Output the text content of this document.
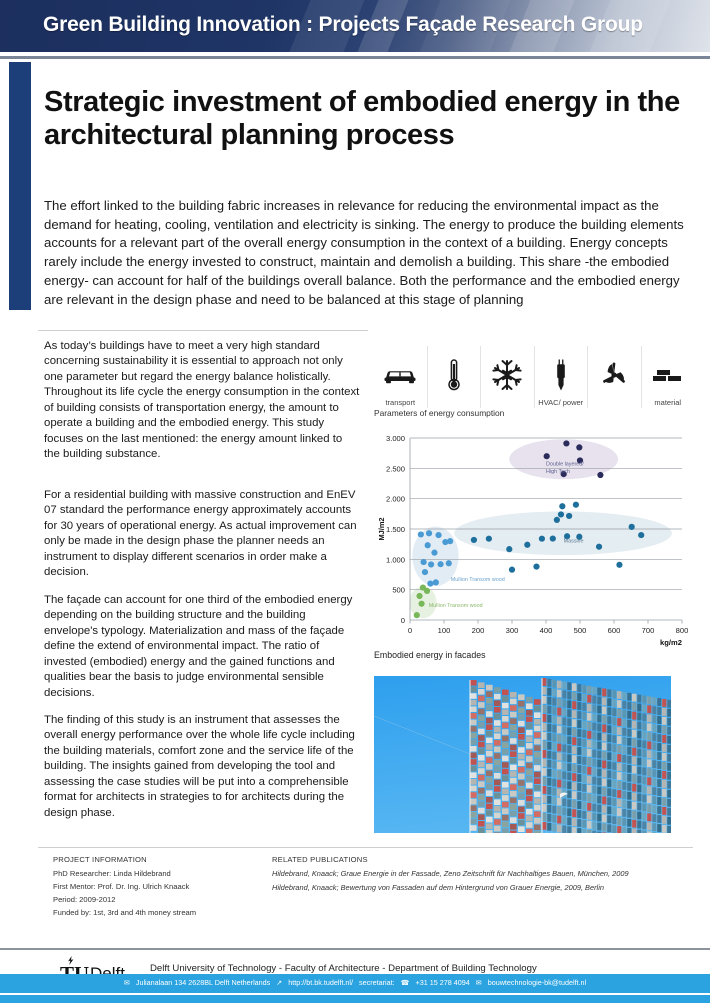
Green Building Innovation : Projects Façade Research Group
Strategic investment of embodied energy in the architectural planning process

The effort linked to the building fabric increases in relevance for reducing the environmental impact as the demand for heating, cooling, ventilation and electricity is sinking. The energy to produce the building elements accounts for a relevant part of the overall energy consumption in the context of a building. Energy concepts rarely include the energy invested to construct, maintain and demolish a building. This share -the embodied energy- can account for half of the buildings overall balance. Both the performance and the embodied energy are relevant in the design phase and need to be balanced at this stage of planning

As today’s buildings have to meet a very high standard concerning sustainability it is essential to approach not only one parameter but regard the energy balance holistically. Throughout its life cycle the energy consumption in the context of building consists of transportation energy, the amount to operate a building and the embodied energy. This study focuses on the last mentioned: the energy amount linked to the building substance.

For a residential building with massive construction and EnEV 07 standard the performance energy approximately accounts for 30 years of operational energy. As actual improvement can only be made in the design phase the planner needs an instrument to display different scenarios in order make a decision.

The façade can account for one third of the embodied energy depending on the building structure and the building envelope's typology. Materialization and mass of the façade define the extend of environmental impact. The ratio of invested (embodied) energy and the gained functions and qualities bear the basis to judge environmental sensible decisions.

The finding of this study is an instrument that assesses the overall energy performance over the whole life cycle including the building materials, comfort zone and the service life of the building. The insights gained from developing the tool and assessing the case studies will be put into a comprehensible format for architects in strategies to for architects during the design phase.

transport	HVAC/ power	material
Parameters of energy consumption
0
500
1.000
1.500
2.000
2.500
3.000
0	100	200	300	400	500	600	700	800
MJ/m2
kg/m2
Double layered/
High Tech
Massive
Mullion Transom wood
Mullion Transom wood
Embodied energy in facades
PROJECT INFORMATION
PhD Researcher: Linda Hildebrand
First Mentor: Prof. Dr. Ing. Ulrich Knaack
Period: 2009-2012
Funded by: 1st, 3rd and 4th money stream
RELATED PUBLICATIONS
Hildebrand, Knaack; Graue Energie in der Fassade, Zeno Zeitschrift für Nachhaltiges Bauen, München, 2009
Hildebrand, Knaack; Bewertung von Fassaden auf dem Hintergrund von Grauer Energie, 2009, Berlin
Delft University of Technology - Faculty of Architecture - Department of Building Technology
✉ Julianalaan 134 2628BL Delft Netherlands ↗ http://bt.bk.tudelft.nl/ secretariat: ☎ +31 15 278 4094 ✉ bouwtechnologie-bk@tudelft.nl
